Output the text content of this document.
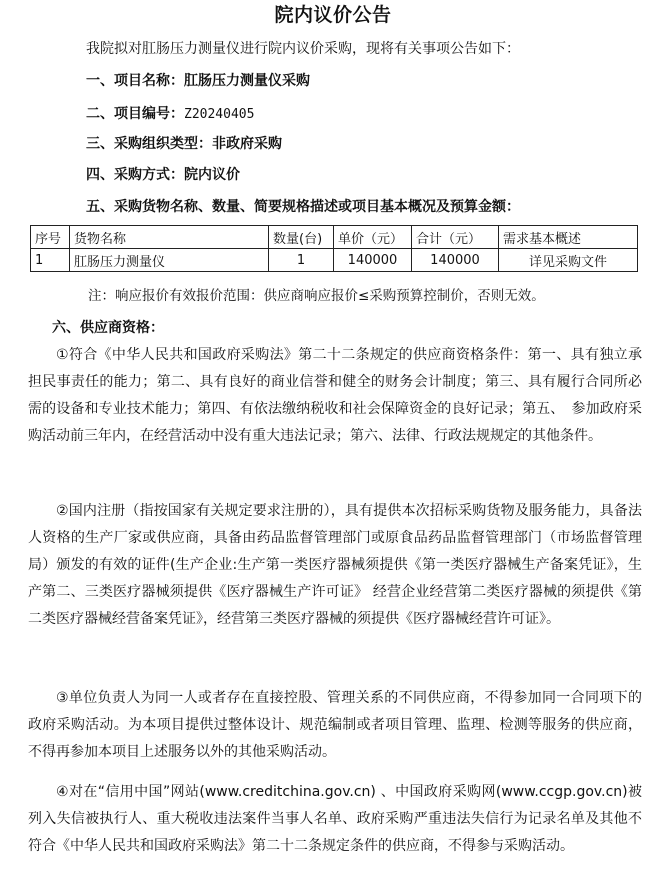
院内议价公告
我院拟对肛肠压力测量仪进行院内议价采购，现将有关事项公告如下：
一、项目名称：肛肠压力测量仪采购
二、项目编号：Z20240405
三、采购组织类型：非政府采购
四、采购方式：院内议价
五、采购货物名称、数量、简要规格描述或项目基本概况及预算金额：
序号	货物名称	数量(台)	单价（元）	合计（元）	需求基本概述
1	肛肠压力测量仪	1	140000	140000	详见采购文件
注：响应报价有效报价范围：供应商响应报价≤采购预算控制价，否则无效。
六、供应商资格：

①符合《中华人民共和国政府采购法》第二十二条规定的供应商资格条件：第一、具有独立承担民事责任的能力；第二、具有良好的商业信誉和健全的财务会计制度；第三、具有履行合同所必需的设备和专业技术能力；第四、有依法缴纳税收和社会保障资金的良好记录；第五、　参加政府采购活动前三年内，在经营活动中没有重大违法记录；第六、法律、行政法规规定的其他条件。

②国内注册（指按国家有关规定要求注册的），具有提供本次招标采购货物及服务能力，具备法人资格的生产厂家或供应商，具备由药品监督管理部门或原食品药品监督管理部门（市场监督管理局）颁发的有效的证件(生产企业:生产第一类医疗器械须提供《第一类医疗器械生产备案凭证》，生产第二、三类医疗器械须提供《医疗器械生产许可证》 经营企业经营第二类医疗器械的须提供《第二类医疗器械经营备案凭证》，经营第三类医疗器械的须提供《医疗器械经营许可证》。

③单位负责人为同一人或者存在直接控股、管理关系的不同供应商，不得参加同一合同项下的政府采购活动。为本项目提供过整体设计、规范编制或者项目管理、监理、检测等服务的供应商，不得再参加本项目上述服务以外的其他采购活动。

④对在“信用中国”网站(www.creditchina.gov.cn) 、中国政府采购网(www.ccgp.gov.cn)被列入失信被执行人、重大税收违法案件当事人名单、政府采购严重违法失信行为记录名单及其他不符合《中华人民共和国政府采购法》第二十二条规定条件的供应商，不得参与采购活动。
